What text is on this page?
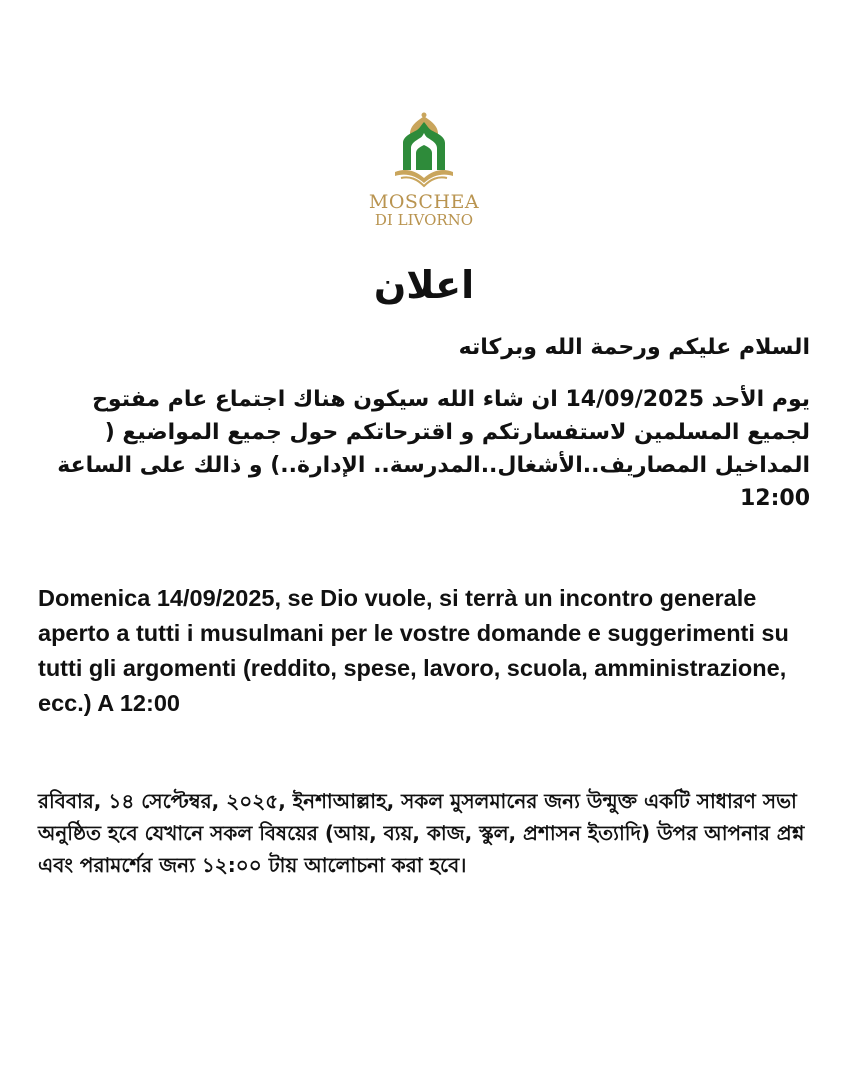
MOSCHEA
DI LIVORNO
اعلان
السلام عليكم ورحمة الله وبركاته
يوم الأحد 14/09/2025 ان شاء الله سيكون هناك اجتماع عام مفتوح لجميع المسلمين لاستفسارتكم و اقترحاتكم حول جميع المواضيع ( المداخيل المصاريف..الأشغال..المدرسة.. الإدارة..) و ذالك على الساعة 12:00
Domenica 14/09/2025, se Dio vuole, si terrà un incontro generale aperto a tutti i musulmani per le vostre domande e suggerimenti su tutti gli argomenti (reddito, spese, lavoro, scuola, amministrazione, ecc.) A 12:00
রবিবার, ১৪ সেপ্টেম্বর, ২০২৫, ইনশাআল্লাহ, সকল মুসলমানের জন্য উন্মুক্ত একটি সাধারণ সভা অনুষ্ঠিত হবে যেখানে সকল বিষয়ের (আয়, ব্যয়, কাজ, স্কুল, প্রশাসন ইত্যাদি) উপর আপনার প্রশ্ন এবং পরামর্শের জন্য ১২:০০ টায় আলোচনা করা হবে।
